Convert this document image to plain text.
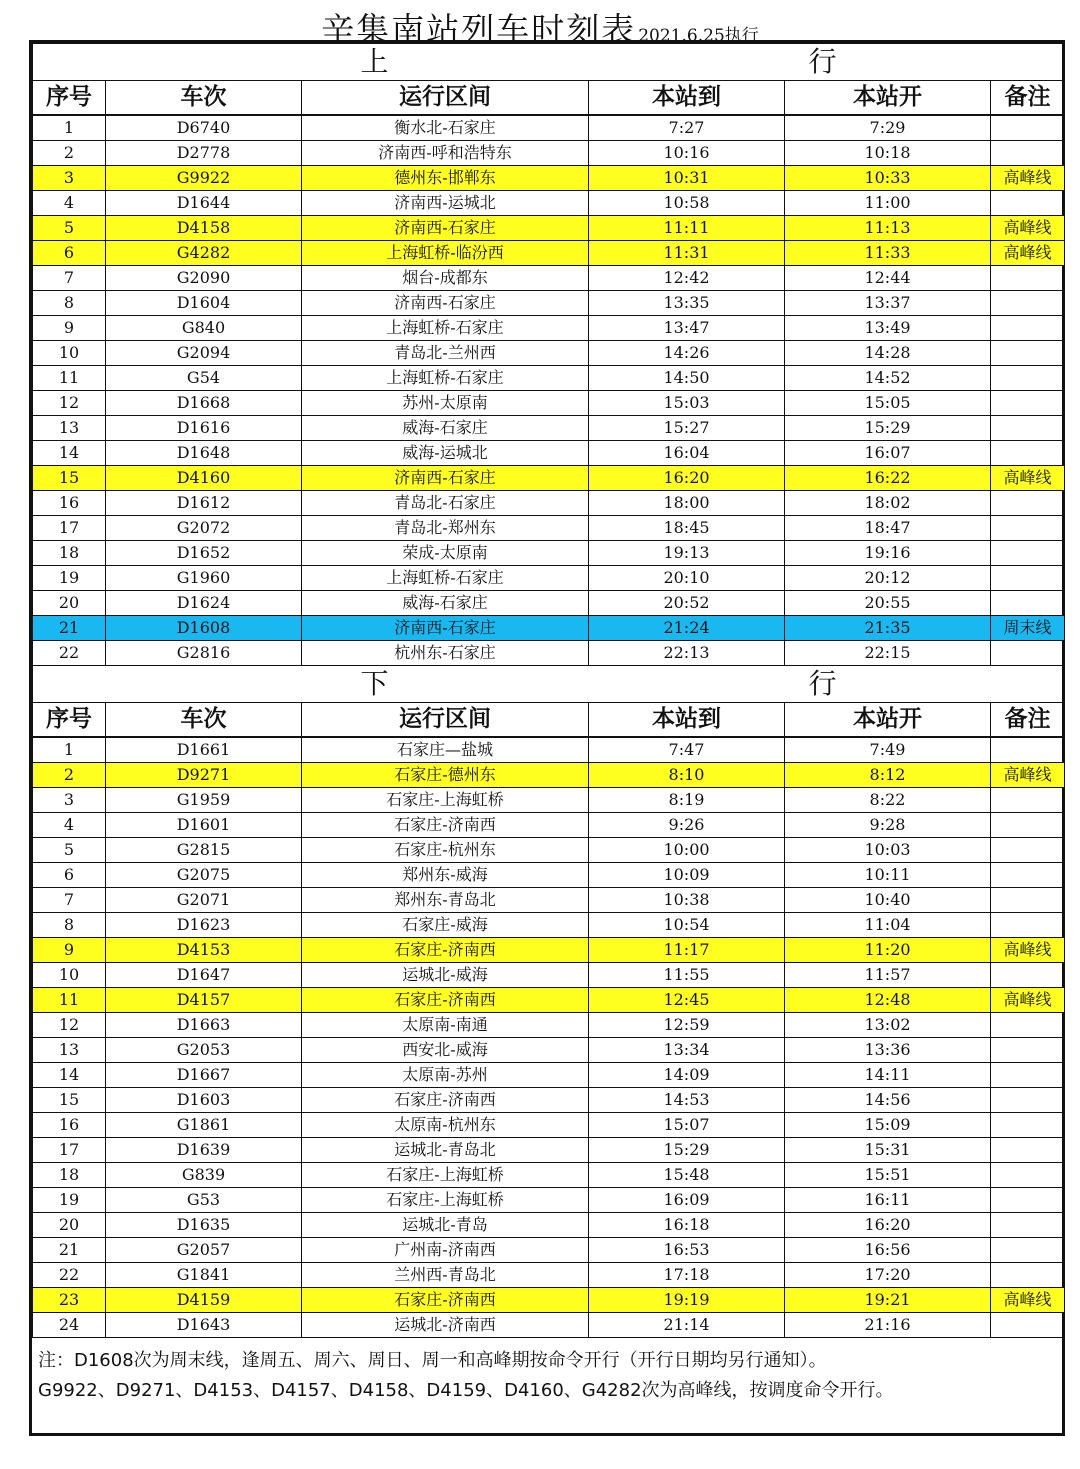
辛集南站列车时刻表 2021.6.25执行
上 行					
序号	车次	运行区间	本站到	本站开	备注
1	D6740	衡水北-石家庄	7:27	7:29	
2	D2778	济南西-呼和浩特东	10:16	10:18	
3	G9922	德州东-邯郸东	10:31	10:33	高峰线
4	D1644	济南西-运城北	10:58	11:00	
5	D4158	济南西-石家庄	11:11	11:13	高峰线
6	G4282	上海虹桥-临汾西	11:31	11:33	高峰线
7	G2090	烟台-成都东	12:42	12:44	
8	D1604	济南西-石家庄	13:35	13:37	
9	G840	上海虹桥-石家庄	13:47	13:49	
10	G2094	青岛北-兰州西	14:26	14:28	
11	G54	上海虹桥-石家庄	14:50	14:52	
12	D1668	苏州-太原南	15:03	15:05	
13	D1616	威海-石家庄	15:27	15:29	
14	D1648	威海-运城北	16:04	16:07	
15	D4160	济南西-石家庄	16:20	16:22	高峰线
16	D1612	青岛北-石家庄	18:00	18:02	
17	G2072	青岛北-郑州东	18:45	18:47	
18	D1652	荣成-太原南	19:13	19:16	
19	G1960	上海虹桥-石家庄	20:10	20:12	
20	D1624	威海-石家庄	20:52	20:55	
21	D1608	济南西-石家庄	21:24	21:35	周末线
22	G2816	杭州东-石家庄	22:13	22:15	
下 行					
序号	车次	运行区间	本站到	本站开	备注
1	D1661	石家庄—盐城	7:47	7:49	
2	D9271	石家庄-德州东	8:10	8:12	高峰线
3	G1959	石家庄-上海虹桥	8:19	8:22	
4	D1601	石家庄-济南西	9:26	9:28	
5	G2815	石家庄-杭州东	10:00	10:03	
6	G2075	郑州东-威海	10:09	10:11	
7	G2071	郑州东-青岛北	10:38	10:40	
8	D1623	石家庄-威海	10:54	11:04	
9	D4153	石家庄-济南西	11:17	11:20	高峰线
10	D1647	运城北-威海	11:55	11:57	
11	D4157	石家庄-济南西	12:45	12:48	高峰线
12	D1663	太原南-南通	12:59	13:02	
13	G2053	西安北-威海	13:34	13:36	
14	D1667	太原南-苏州	14:09	14:11	
15	D1603	石家庄-济南西	14:53	14:56	
16	G1861	太原南-杭州东	15:07	15:09	
17	D1639	运城北-青岛北	15:29	15:31	
18	G839	石家庄-上海虹桥	15:48	15:51	
19	G53	石家庄-上海虹桥	16:09	16:11	
20	D1635	运城北-青岛	16:18	16:20	
21	G2057	广州南-济南西	16:53	16:56	
22	G1841	兰州西-青岛北	17:18	17:20	
23	D4159	石家庄-济南西	19:19	19:21	高峰线
24	D1643	运城北-济南西	21:14	21:16	
注：D1608次为周末线，逢周五、周六、周日、周一和高峰期按命令开行（开行日期均另行通知）。
G9922、D9271、D4153、D4157、D4158、D4159、D4160、G4282次为高峰线，按调度命令开行。
